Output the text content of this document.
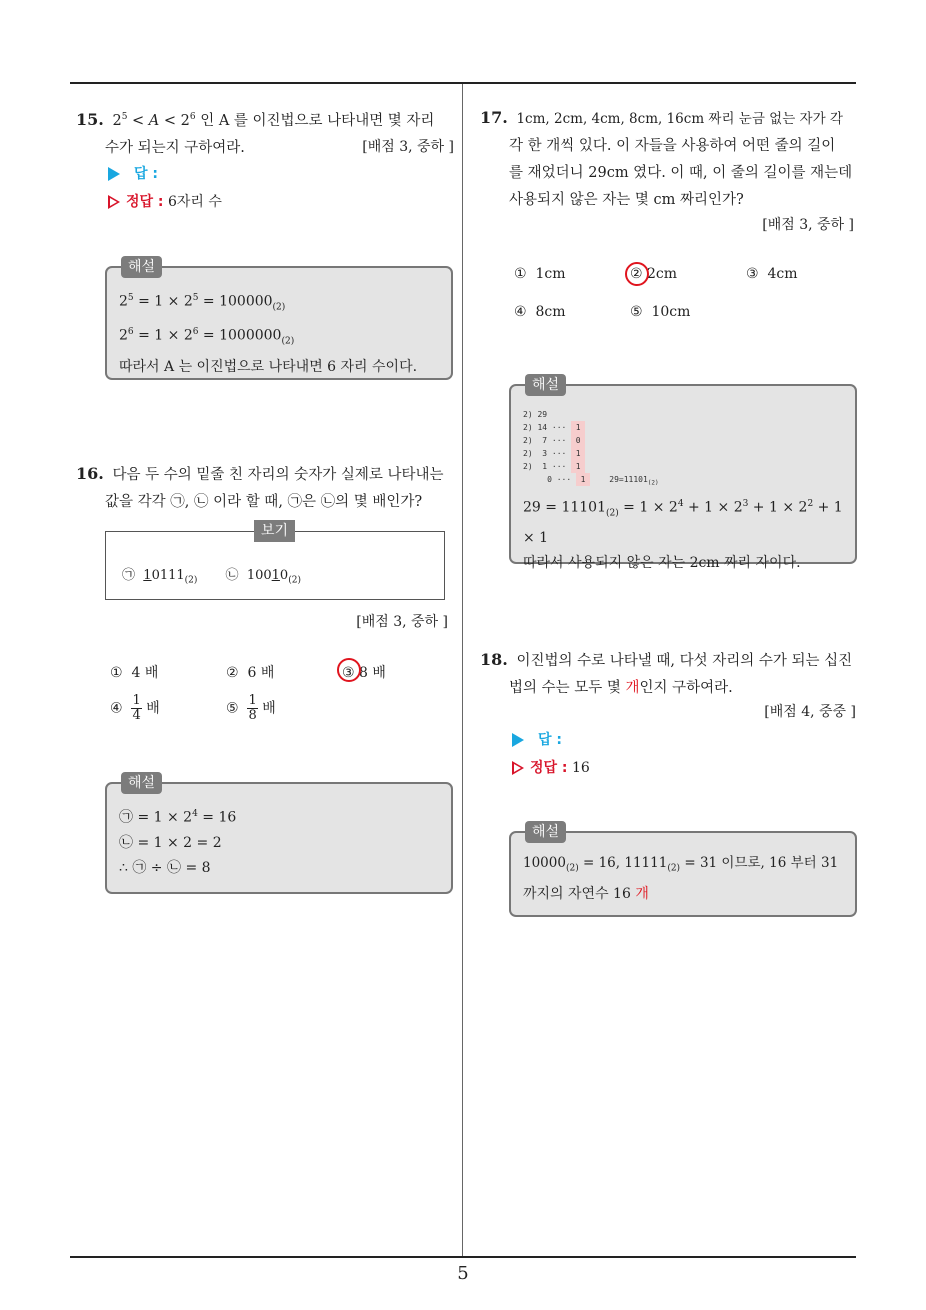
5
15. $2^5 < A < 2^6$ 인 A 를 이진법으로 나타내면 몇 자리
수가 되는지 구하여라.	[배점 3, 중하 ]
답 :
정답 : 6자리 수
해설
$2^5 = 1 \times 2^5 = 100000_{(2)}$
$2^6 = 1 \times 2^6 = 1000000_{(2)}$
따라서 A 는 이진법으로 나타내면 6 자리 수이다.
16. 다음 두 수의 밑줄 친 자리의 숫자가 실제로 나타내는
값을 각각 ㉠, ㉡ 이라 할 때, ㉠은 ㉡의 몇 배인가?
㉠ $10111_{(2)}$ ㉡  $10010_{(2)}$
보기
[배점 3, 중하 ]
① 4 배	② 6 배	③ 8 배
④ $\frac{1}{4}$ 배	⑤ $\frac{1}{8}$ 배
해설
㉠ = $1 \times 2^4 = 16$
㉡ = 1 × 2 = 2
∴ ㉠ ÷ ㉡ = 8
17. 1cm, 2cm, 4cm, 8cm, 16cm 짜리 눈금 없는 자가 각
각 한 개씩 있다. 이 자들을 사용하여 어떤 줄의 길이
를 재었더니 29cm 였다. 이 때, 이 줄의 길이를 재는데
사용되지 않은 자는 몇 cm 짜리인가?
[배점 3, 중하 ]
① 1cm	② 2cm	③ 4cm
④ 8cm	⑤ 10cm
해설
2) 29
2) 14 ··· 1
2)  7 ··· 0
2)  3 ··· 1
2)  1 ··· 1
0 ··· 1    $29=11101_{(2)}$
$29 = 11101_{(2)} = 1 \times 2^4 + 1 \times 2^3 + 1 \times 2^2 + 1 \times 1$
따라서 사용되지 않은 자는 2cm 짜리 자이다.
18. 이진법의 수로 나타낼 때, 다섯 자리의 수가 되는 십진
법의 수는 모두 몇 개인지 구하여라.
[배점 4, 중중 ]
답 :
정답 : 16
해설
$10000_{(2)} = 16$, $11111_{(2)} = 31$ 이므로, 16 부터 31
까지의 자연수 16 개
